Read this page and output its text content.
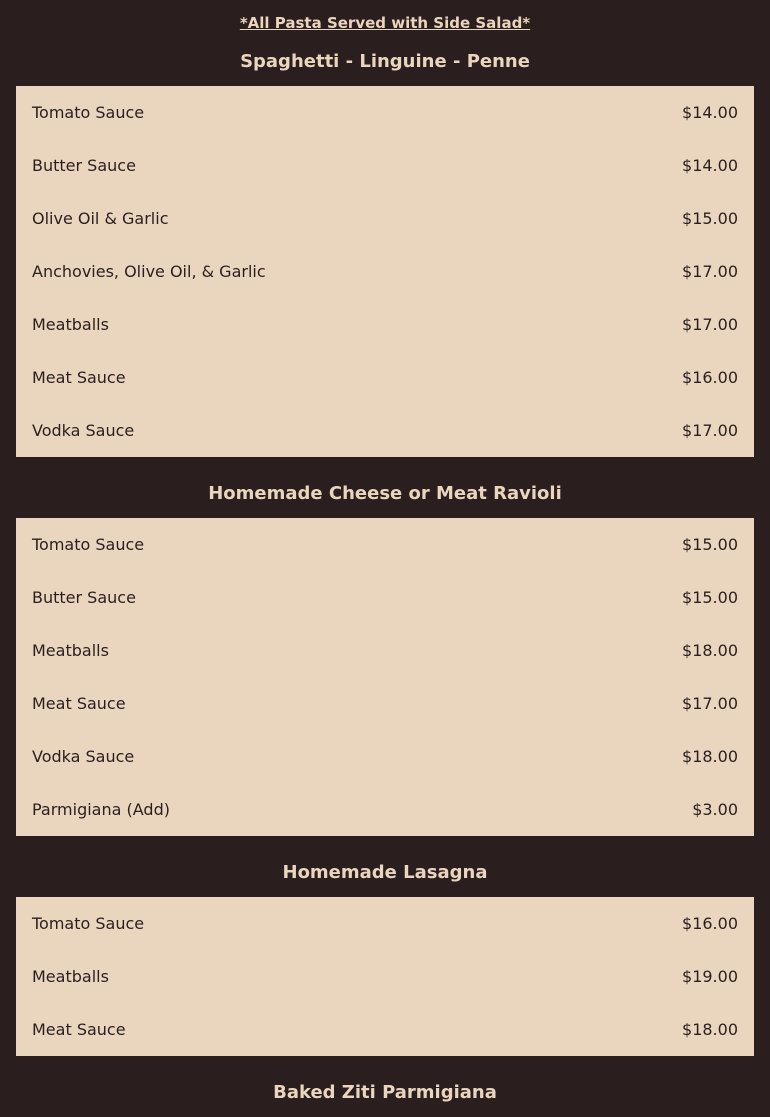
*All Pasta Served with Side Salad*
Spaghetti - Linguine - Penne
Tomato Sauce	$14.00
Butter Sauce	$14.00
Olive Oil & Garlic	$15.00
Anchovies, Olive Oil, & Garlic	$17.00
Meatballs	$17.00
Meat Sauce	$16.00
Vodka Sauce	$17.00
Homemade Cheese or Meat Ravioli
Tomato Sauce	$15.00
Butter Sauce	$15.00
Meatballs	$18.00
Meat Sauce	$17.00
Vodka Sauce	$18.00
Parmigiana (Add)	$3.00
Homemade Lasagna
Tomato Sauce	$16.00
Meatballs	$19.00
Meat Sauce	$18.00
Baked Ziti Parmigiana
